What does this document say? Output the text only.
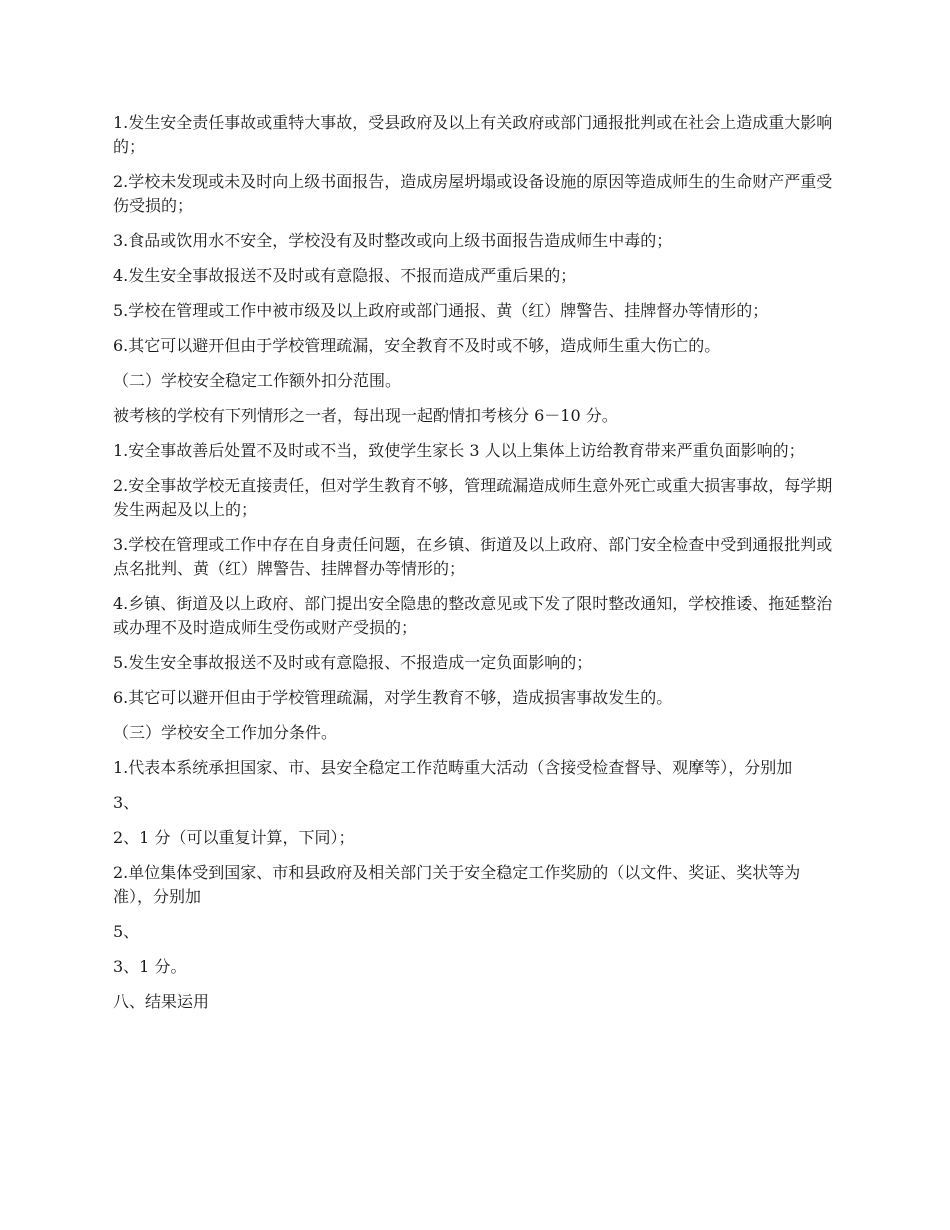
1.发生安全责任事故或重特大事故，受县政府及以上有关政府或部门通报批判或在社会上造成重大影响的；

2.学校未发现或未及时向上级书面报告，造成房屋坍塌或设备设施的原因等造成师生的生命财产严重受伤受损的；

3.食品或饮用水不安全，学校没有及时整改或向上级书面报告造成师生中毒的；

4.发生安全事故报送不及时或有意隐报、不报而造成严重后果的；

5.学校在管理或工作中被市级及以上政府或部门通报、黄（红）牌警告、挂牌督办等情形的；

6.其它可以避开但由于学校管理疏漏，安全教育不及时或不够，造成师生重大伤亡的。

（二）学校安全稳定工作额外扣分范围。

被考核的学校有下列情形之一者，每出现一起酌情扣考核分 6－10 分。

1.安全事故善后处置不及时或不当，致使学生家长 3 人以上集体上访给教育带来严重负面影响的；

2.安全事故学校无直接责任，但对学生教育不够，管理疏漏造成师生意外死亡或重大损害事故，每学期发生两起及以上的；

3.学校在管理或工作中存在自身责任问题，在乡镇、街道及以上政府、部门安全检查中受到通报批判或点名批判、黄（红）牌警告、挂牌督办等情形的；

4.乡镇、街道及以上政府、部门提出安全隐患的整改意见或下发了限时整改通知，学校推诿、拖延整治或办理不及时造成师生受伤或财产受损的；

5.发生安全事故报送不及时或有意隐报、不报造成一定负面影响的；

6.其它可以避开但由于学校管理疏漏，对学生教育不够，造成损害事故发生的。

（三）学校安全工作加分条件。

1.代表本系统承担国家、市、县安全稳定工作范畴重大活动（含接受检查督导、观摩等），分别加

3、

2、1 分（可以重复计算，下同）；

2.单位集体受到国家、市和县政府及相关部门关于安全稳定工作奖励的（以文件、奖证、奖状等为准），分别加

5、

3、1 分。

八、结果运用
